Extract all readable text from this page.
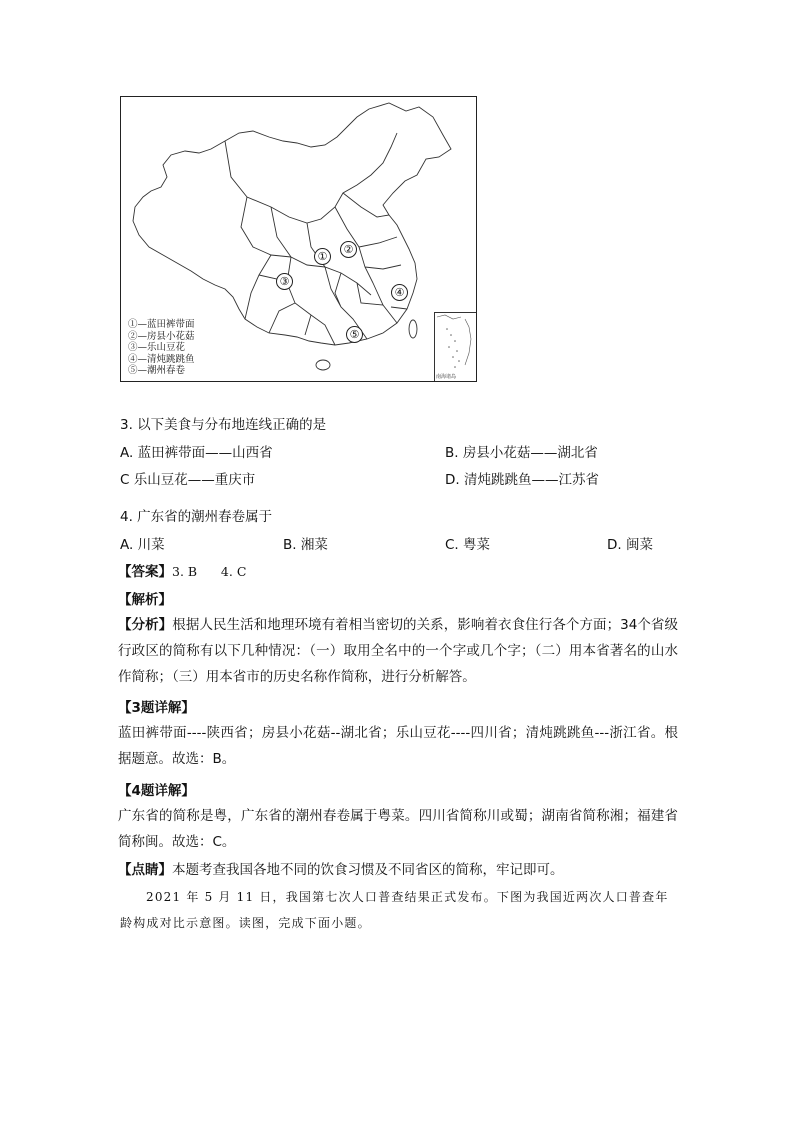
①
②
③
④
⑤
①—蓝田裤带面
②—房县小花菇
③—乐山豆花
④—清炖跳跳鱼
⑤—潮州春卷
南海诸岛
3. 以下美食与分布地连线正确的是
A. 蓝田裤带面——山西省	B. 房县小花菇——湖北省
C 乐山豆花——重庆市	D. 清炖跳跳鱼——江苏省
4. 广东省的潮州春卷属于
A. 川菜	B. 湘菜	C. 粤菜	D. 闽菜
【答案】3. B      4. C
【解析】
【分析】根据人民生活和地理环境有着相当密切的关系，影响着衣食住行各个方面；34个省级行政区的简称有以下几种情况：（一）取用全名中的一个字或几个字；（二）用本省著名的山水作简称；（三）用本省市的历史名称作简称，进行分析解答。
【3题详解】
蓝田裤带面----陕西省；房县小花菇--湖北省；乐山豆花----四川省；清炖跳跳鱼---浙江省。根据题意。故选：B。
【4题详解】
广东省的简称是粤，广东省的潮州春卷属于粤菜。四川省简称川或蜀；湖南省简称湘；福建省简称闽。故选：C。
【点睛】本题考查我国各地不同的饮食习惯及不同省区的简称，牢记即可。
2021 年 5 月 11 日，我国第七次人口普查结果正式发布。下图为我国近两次人口普查年龄构成对比示意图。读图，完成下面小题。
